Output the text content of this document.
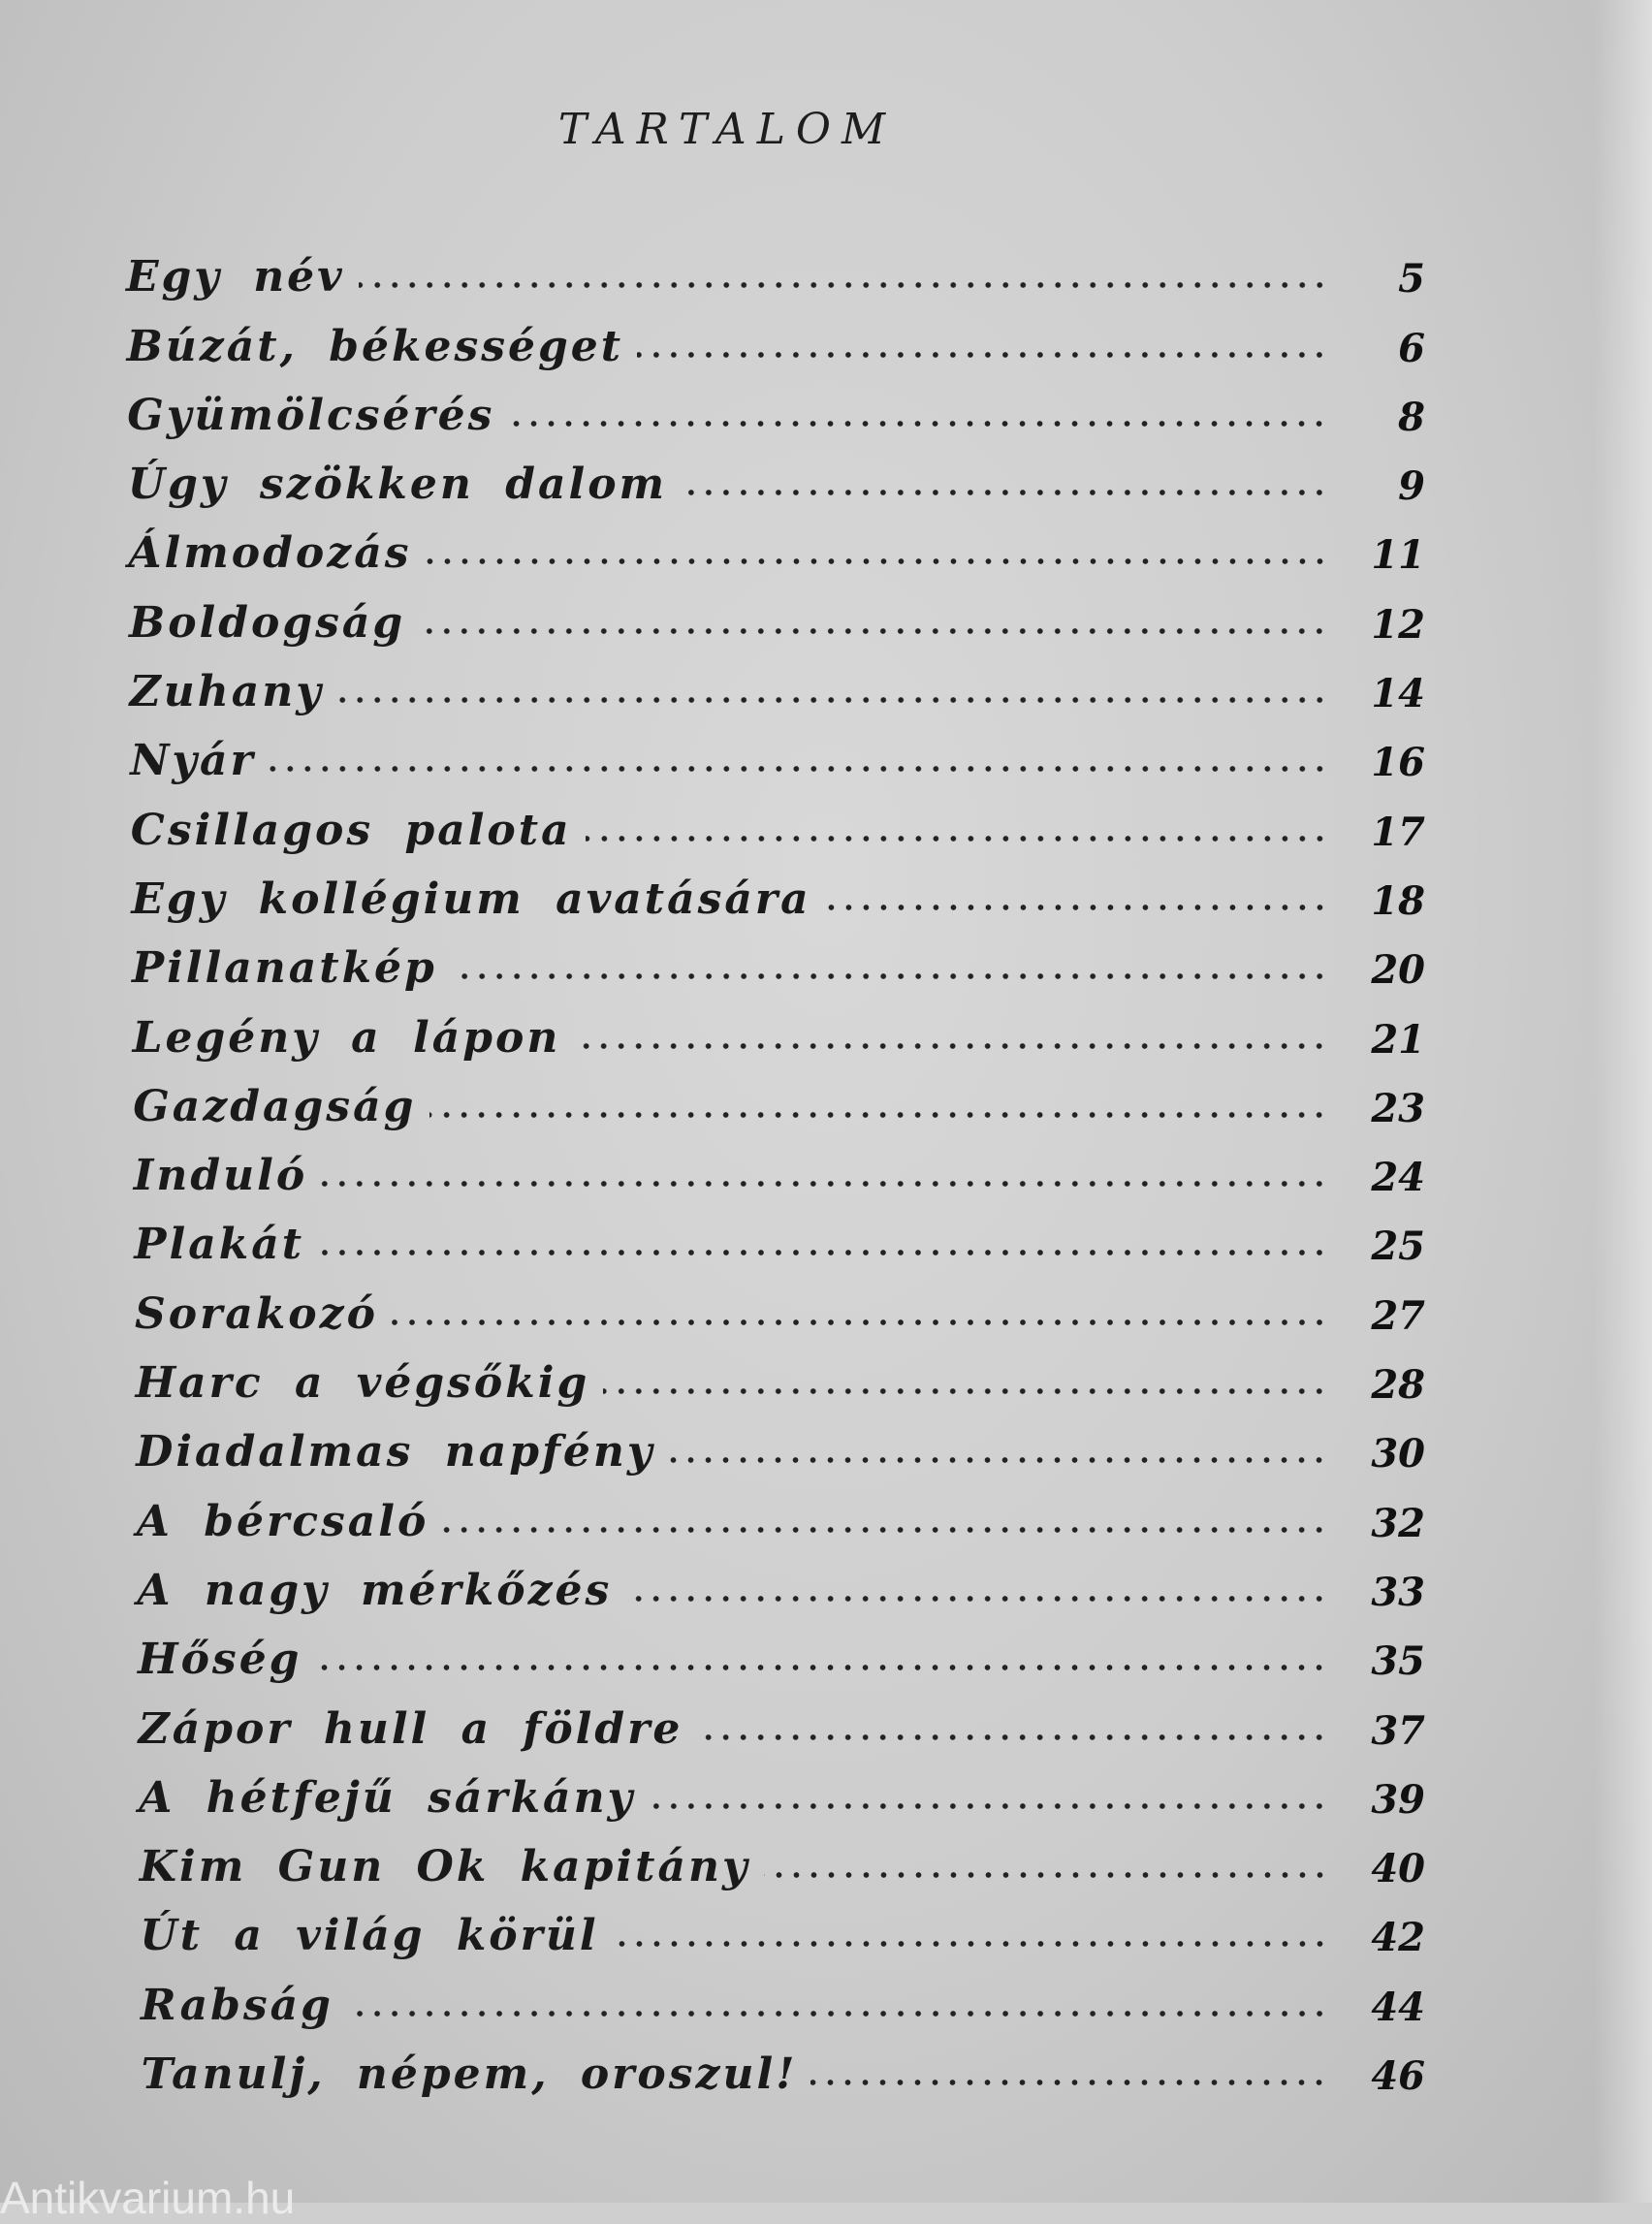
TARTALOM
Egy név	5
Búzát, békességet	6
Gyümölcsérés	8
Úgy szökken dalom	9
Álmodozás	11
Boldogság	12
Zuhany	14
Nyár	16
Csillagos palota	17
Egy kollégium avatására	18
Pillanatkép	20
Legény a lápon	21
Gazdagság	23
Induló	24
Plakát	25
Sorakozó	27
Harc a végsőkig	28
Diadalmas napfény	30
A bércsaló	32
A nagy mérkőzés	33
Hőség	35
Zápor hull a földre	37
A hétfejű sárkány	39
Kim Gun Ok kapitány	40
Út a világ körül	42
Rabság	44
Tanulj, népem, oroszul!	46
Antikvarium.hu
